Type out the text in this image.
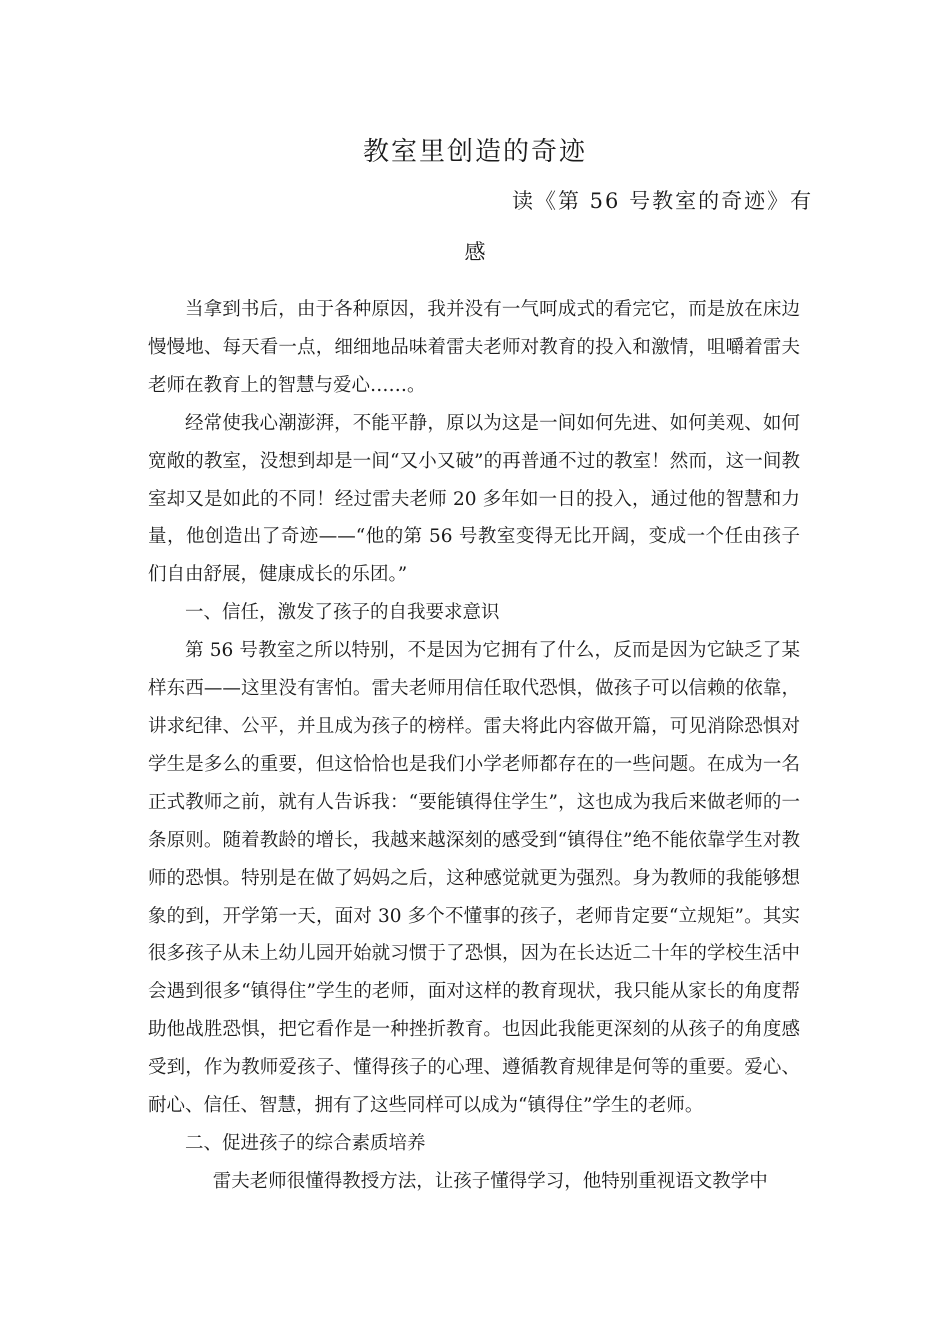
教室里创造的奇迹
读《第 56 号教室的奇迹》有
感

当拿到书后，由于各种原因，我并没有一气呵成式的看完它，而是放在床边慢慢地、每天看一点，细细地品味着雷夫老师对教育的投入和激情，咀嚼着雷夫老师在教育上的智慧与爱心……。

经常使我心潮澎湃，不能平静，原以为这是一间如何先进、如何美观、如何宽敞的教室，没想到却是一间“又小又破”的再普通不过的教室！然而，这一间教室却又是如此的不同！经过雷夫老师 20 多年如一日的投入，通过他的智慧和力量，他创造出了奇迹——“他的第 56 号教室变得无比开阔，变成一个任由孩子们自由舒展，健康成长的乐团。”

一、信任，激发了孩子的自我要求意识

第 56 号教室之所以特别，不是因为它拥有了什么，反而是因为它缺乏了某样东西——这里没有害怕。雷夫老师用信任取代恐惧，做孩子可以信赖的依靠，讲求纪律、公平，并且成为孩子的榜样。雷夫将此内容做开篇，可见消除恐惧对学生是多么的重要，但这恰恰也是我们小学老师都存在的一些问题。在成为一名正式教师之前，就有人告诉我：“要能镇得住学生”，这也成为我后来做老师的一条原则。随着教龄的增长，我越来越深刻的感受到“镇得住”绝不能依靠学生对教师的恐惧。特别是在做了妈妈之后，这种感觉就更为强烈。身为教师的我能够想象的到，开学第一天，面对 30 多个不懂事的孩子，老师肯定要“立规矩”。其实很多孩子从未上幼儿园开始就习惯于了恐惧，因为在长达近二十年的学校生活中会遇到很多“镇得住”学生的老师，面对这样的教育现状，我只能从家长的角度帮助他战胜恐惧，把它看作是一种挫折教育。也因此我能更深刻的从孩子的角度感受到，作为教师爱孩子、懂得孩子的心理、遵循教育规律是何等的重要。爱心、耐心、信任、智慧，拥有了这些同样可以成为“镇得住”学生的老师。

二、促进孩子的综合素质培养

雷夫老师很懂得教授方法，让孩子懂得学习，他特别重视语文教学中
